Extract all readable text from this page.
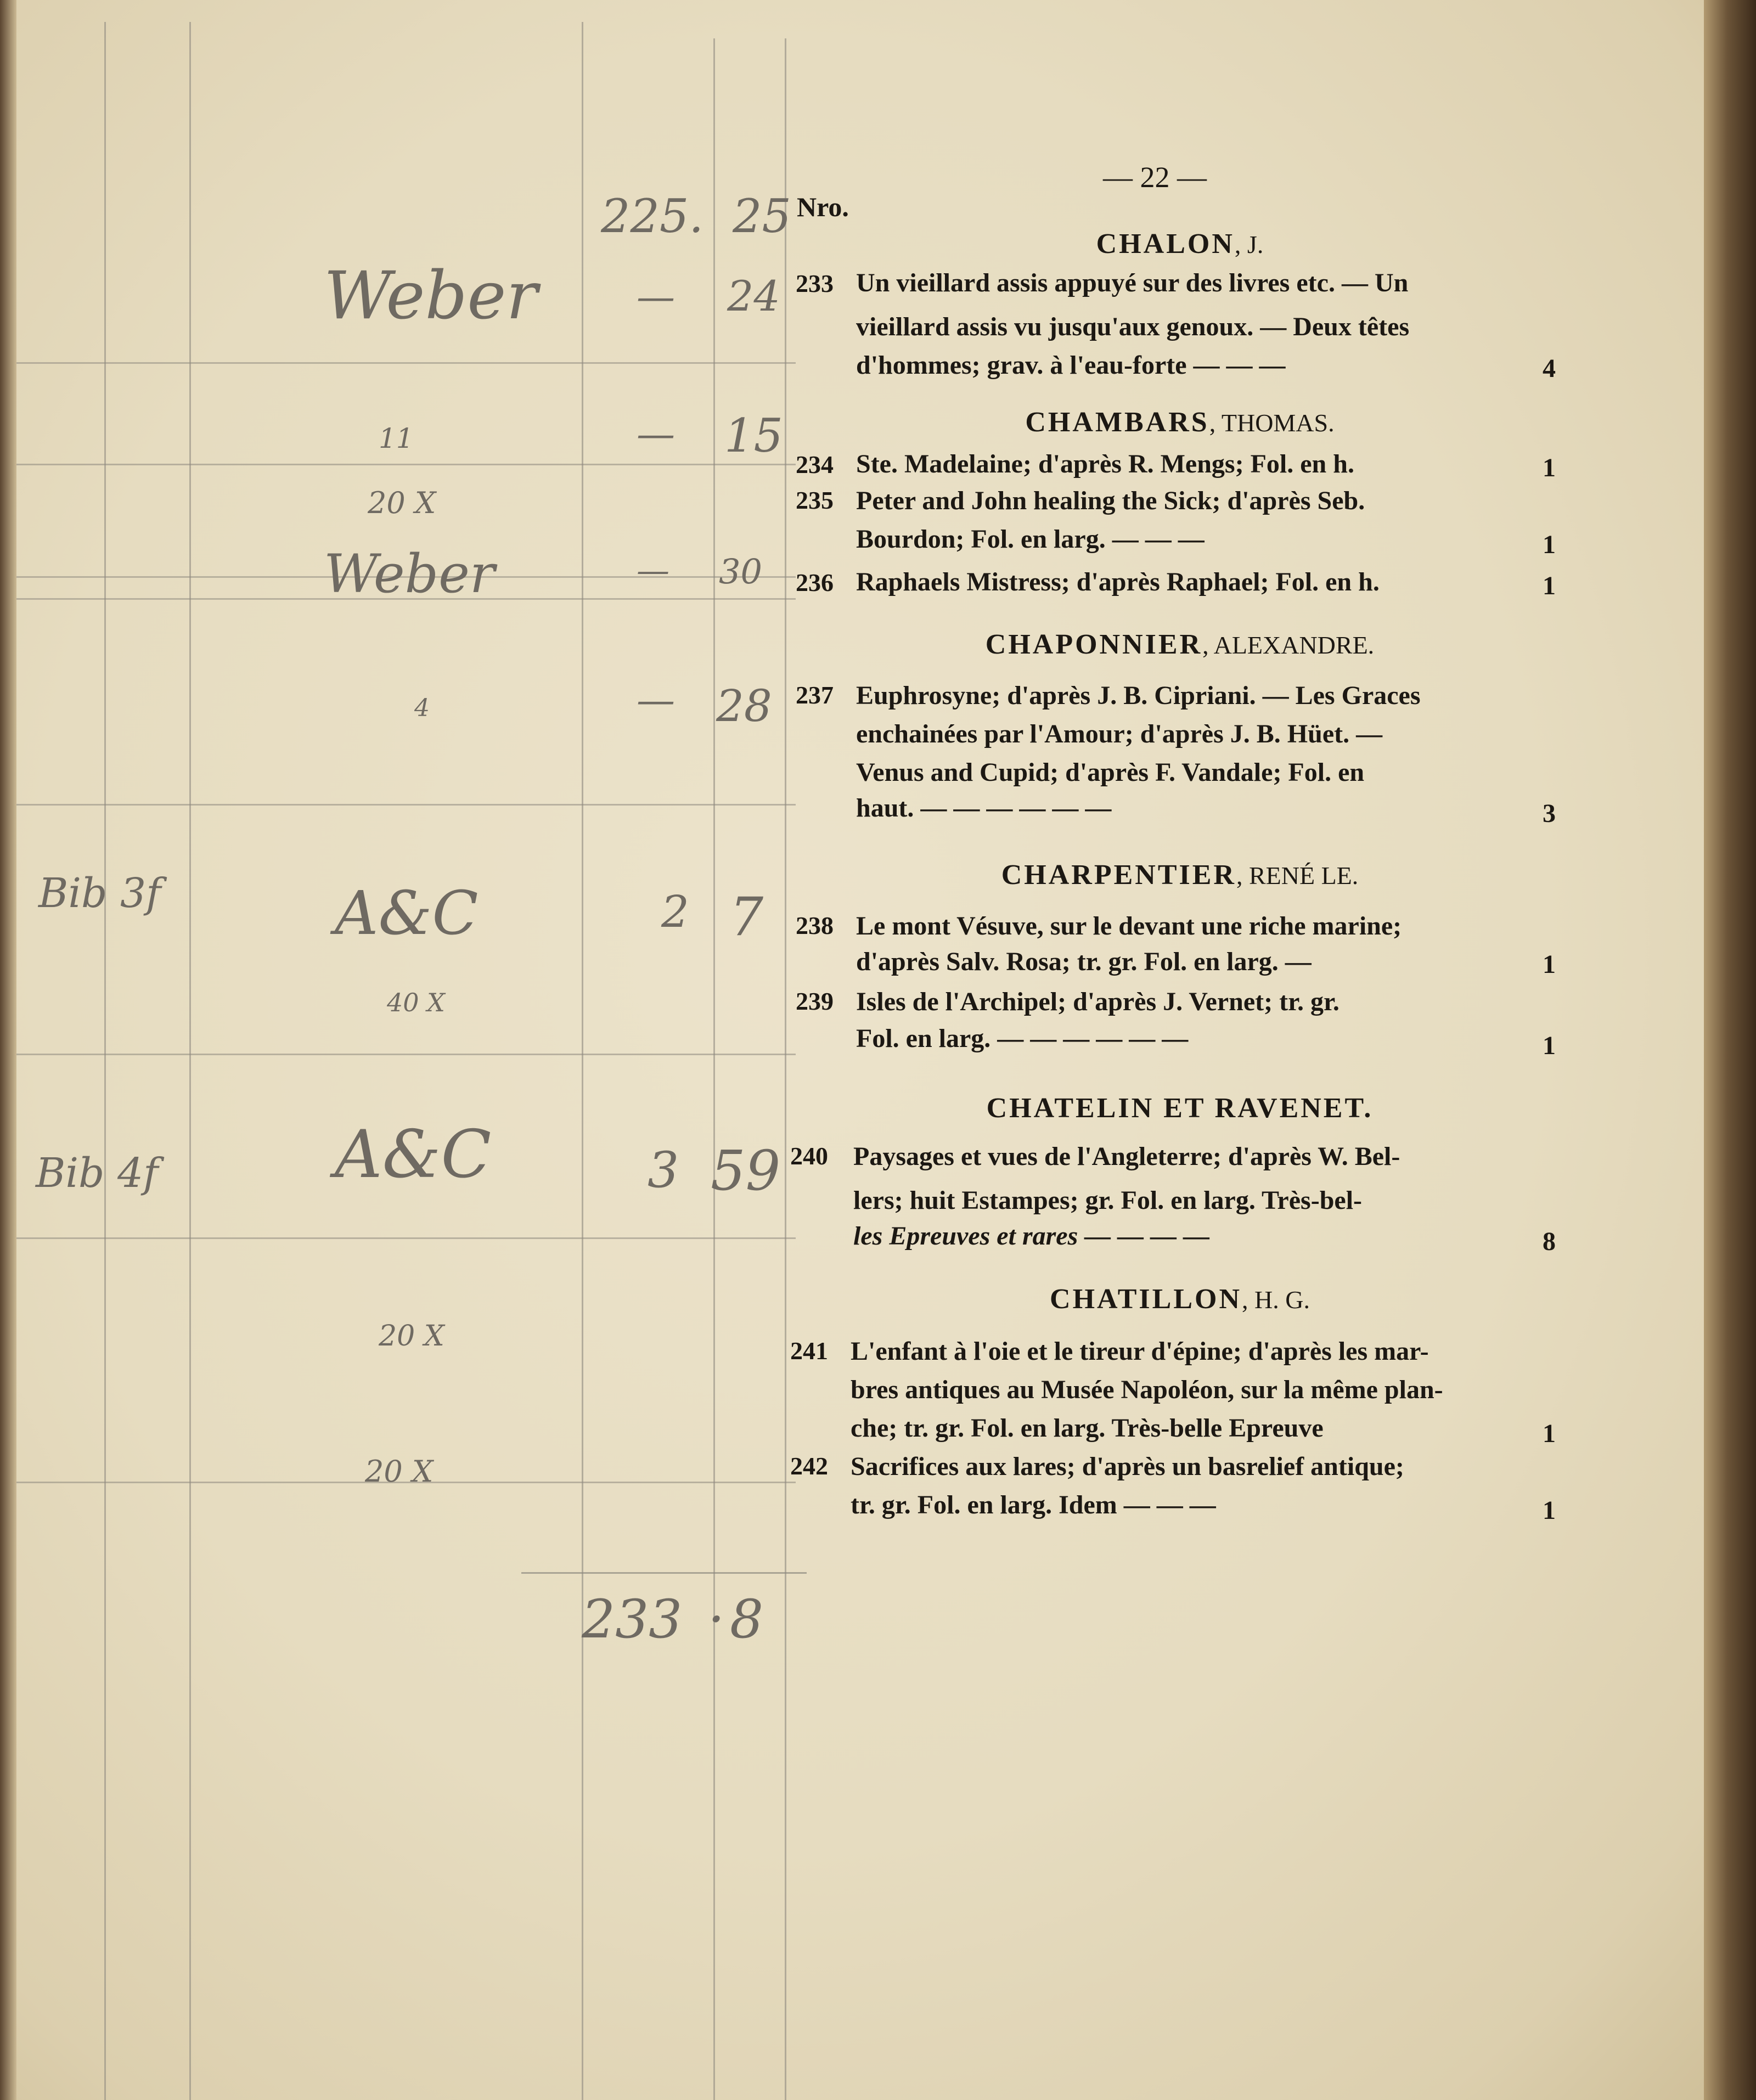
225. 25
Weber	— 24
11	— 15
20 X
Weber	— 30
4	— 28
Bib 3f	A&C	2 7
40 X
Bib 4f	A&C	3 59
20 X
20 X
233 · 8
— 22 —
Nro.
CHALON, J.
233 Un vieillard assis appuyé sur des livres etc. — Un
vieillard assis vu jusqu'aux genoux. — Deux têtes
d'hommes; grav. à l'eau-forte — — —	4
CHAMBARS, THOMAS.
234 Ste. Madelaine; d'après R. Mengs; Fol. en h.	1
235 Peter and John healing the Sick; d'après Seb.
Bourdon; Fol. en larg. — — —	1
236 Raphaels Mistress; d'après Raphael; Fol. en h.	1
CHAPONNIER, ALEXANDRE.
237 Euphrosyne; d'après J. B. Cipriani. — Les Graces
enchainées par l'Amour; d'après J. B. Hüet. —
Venus and Cupid; d'après F. Vandale; Fol. en
haut. — — — — — —	3
CHARPENTIER, RENÉ LE.
238 Le mont Vésuve, sur le devant une riche marine;
d'après Salv. Rosa; tr. gr. Fol. en larg. —	1
239 Isles de l'Archipel; d'après J. Vernet; tr. gr.
Fol. en larg. — — — — — —	1
CHATELIN ET RAVENET.
240 Paysages et vues de l'Angleterre; d'après W. Bel-
lers; huit Estampes; gr. Fol. en larg. Très-bel-
les Epreuves et rares — — — —	8
CHATILLON, H. G.
241 L'enfant à l'oie et le tireur d'épine; d'après les mar-
bres antiques au Musée Napoléon, sur la même plan-
che; tr. gr. Fol. en larg. Très-belle Epreuve	1
242 Sacrifices aux lares; d'après un basrelief antique;
tr. gr. Fol. en larg. Idem — — —	1
